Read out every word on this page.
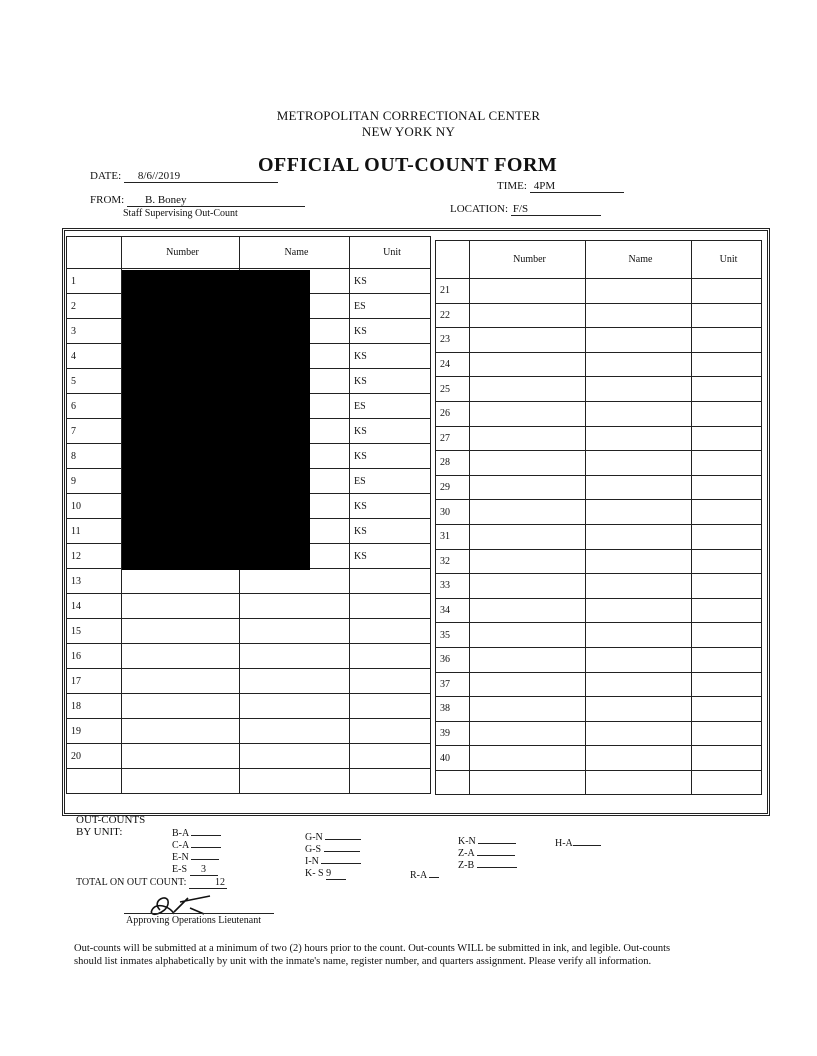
METROPOLITAN CORRECTIONAL CENTER
NEW YORK NY
OFFICIAL OUT-COUNT FORM
DATE: 8/6//2019
TIME: 4PM
FROM: B. Boney
Staff Supervising Out-Count	LOCATION: F/S
	Number	Name	Unit
1			KS
2			ES
3			KS
4			KS
5			KS
6			ES
7			KS
8			KS
9			ES
10			KS
11			KS
12			KS
13			
14			
15			
16			
17			
18			
19			
20			

	Number	Name	Unit
21			
22			
23			
24			
25			
26			
27			
28			
29			
30			
31			
32			
33			
34			
35			
36			
37			
38			
39			
40			

OUT-COUNTS
BY UNIT:	B-A
C-A
E-N
E-S 3
G-N
G-S
I-N
K- S 9	R-A
K-N
Z-A
Z-B
H-A
TOTAL ON OUT COUNT:	12
Approving Operations Lieutenant
Out-counts will be submitted at a minimum of two (2) hours prior to the count. Out-counts WILL be submitted in ink, and legible. Out-counts
should list inmates alphabetically by unit with the inmate's name, register number, and quarters assignment. Please verify all information.
